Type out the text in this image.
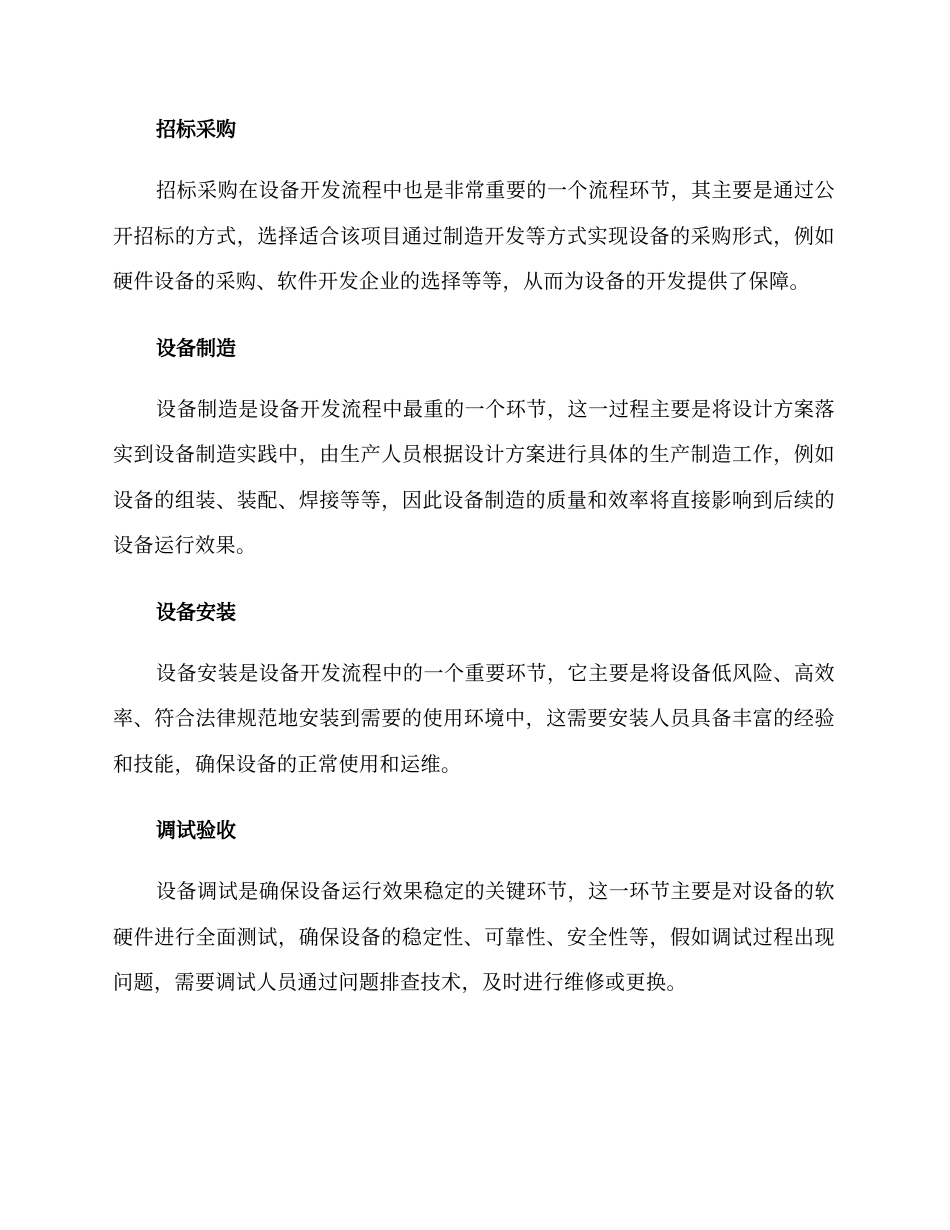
招标采购

招标采购在设备开发流程中也是非常重要的一个流程环节，其主要是通过公开招标的方式，选择适合该项目通过制造开发等方式实现设备的采购形式，例如硬件设备的采购、软件开发企业的选择等等，从而为设备的开发提供了保障。

设备制造

设备制造是设备开发流程中最重的一个环节，这一过程主要是将设计方案落实到设备制造实践中，由生产人员根据设计方案进行具体的生产制造工作，例如设备的组装、装配、焊接等等，因此设备制造的质量和效率将直接影响到后续的设备运行效果。

设备安装

设备安装是设备开发流程中的一个重要环节，它主要是将设备低风险、高效率、符合法律规范地安装到需要的使用环境中，这需要安装人员具备丰富的经验和技能，确保设备的正常使用和运维。

调试验收

设备调试是确保设备运行效果稳定的关键环节，这一环节主要是对设备的软硬件进行全面测试，确保设备的稳定性、可靠性、安全性等，假如调试过程出现问题，需要调试人员通过问题排查技术，及时进行维修或更换。
